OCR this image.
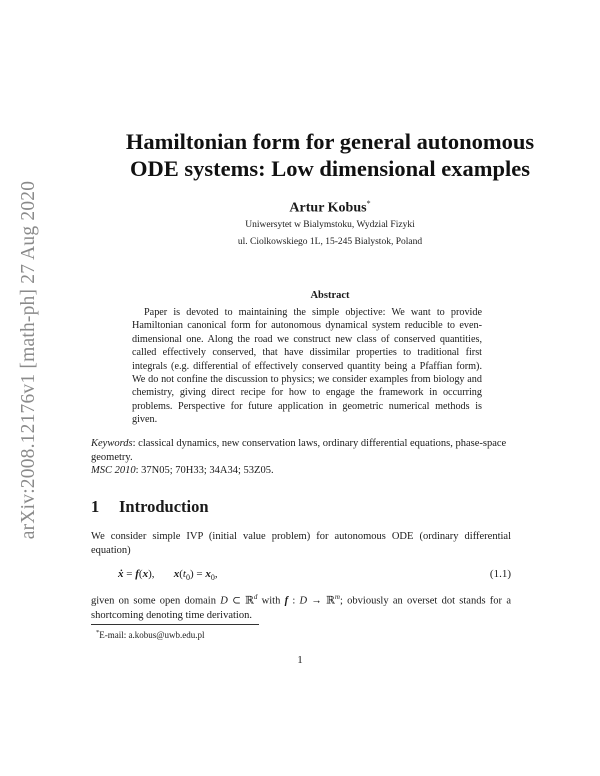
arXiv:2008.12176v1 [math-ph] 27 Aug 2020
Hamiltonian form for general autonomous
ODE systems: Low dimensional examples
Artur Kobus*
Uniwersytet w Bialymstoku, Wydzial Fizyki
ul. Ciolkowskiego 1L, 15-245 Bialystok, Poland
Abstract

Paper is devoted to maintaining the simple objective: We want to provide Hamiltonian canonical form for autonomous dynamical system reducible to even-dimensional one. Along the road we construct new class of conserved quantities, called effectively conserved, that have dissimilar properties to traditional first integrals (e.g. differential of effectively conserved quantity being a Pfaffian form). We do not confine the discussion to physics; we consider examples from biology and chemistry, giving direct recipe for how to engage the framework in occurring problems. Perspective for future application in geometric numerical methods is given.

Keywords: classical dynamics, new conservation laws, ordinary differential equations, phase-space geometry.

MSC 2010: 37N05; 70H33; 34A34; 53Z05.
1 Introduction

We consider simple IVP (initial value problem) for autonomous ODE (ordinary differential equation)

ẋ = f(x),       $x(t_0) = x_0$,	(1.1)

given on some open domain D ⊂ ℝ$^d$ with f : D → ℝ$^m$; obviously an overset dot stands for a shortcoming denoting time derivation.

*E-mail: a.kobus@uwb.edu.pl
1
